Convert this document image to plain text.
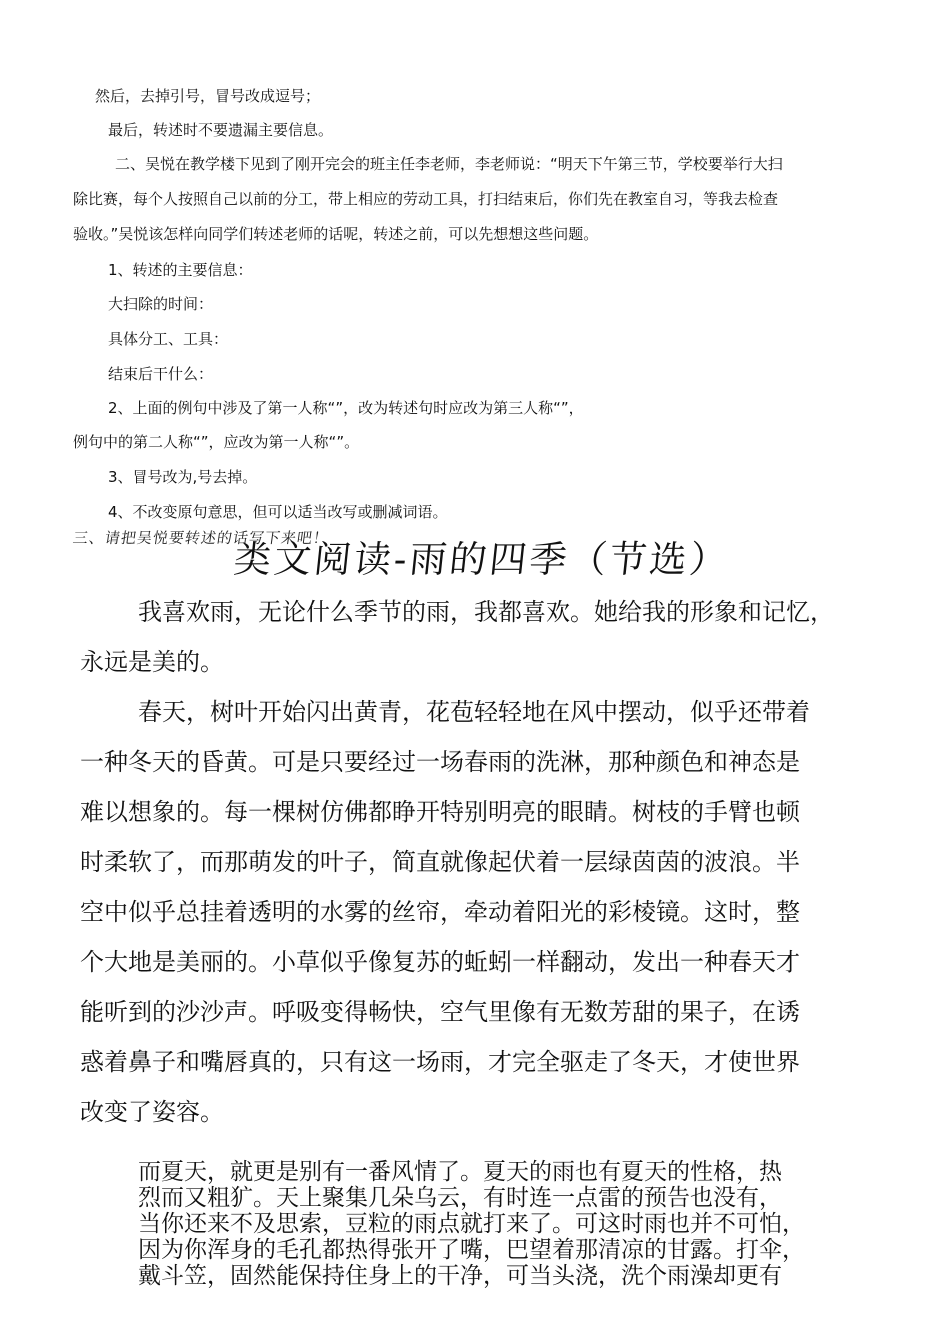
然后，去掉引号，冒号改成逗号；

最后，转述时不要遗漏主要信息。

二、吴悦在教学楼下见到了刚开完会的班主任李老师，李老师说：“明天下午第三节，学校要举行大扫

除比赛，每个人按照自己以前的分工，带上相应的劳动工具，打扫结束后，你们先在教室自习，等我去检查

验收。”吴悦该怎样向同学们转述老师的话呢，转述之前，可以先想想这些问题。

1、转述的主要信息：

大扫除的时间：

具体分工、工具：

结束后干什么：

2、上面的例句中涉及了第一人称“”，改为转述句时应改为第三人称“”，

例句中的第二人称“”，应改为第一人称“”。

3、冒号改为,号去掉。

4、不改变原句意思，但可以适当改写或删减词语。

三、请把吴悦要转述的话写下来吧！

类文阅读-雨的四季（节选）

我喜欢雨，无论什么季节的雨，我都喜欢。她给我的形象和记忆，

永远是美的。

春天，树叶开始闪出黄青，花苞轻轻地在风中摆动，似乎还带着

一种冬天的昏黄。可是只要经过一场春雨的洗淋，那种颜色和神态是

难以想象的。每一棵树仿佛都睁开特别明亮的眼睛。树枝的手臂也顿

时柔软了，而那萌发的叶子，简直就像起伏着一层绿茵茵的波浪。半

空中似乎总挂着透明的水雾的丝帘，牵动着阳光的彩棱镜。这时，整

个大地是美丽的。小草似乎像复苏的蚯蚓一样翻动，发出一种春天才

能听到的沙沙声。呼吸变得畅快，空气里像有无数芳甜的果子，在诱

惑着鼻子和嘴唇真的，只有这一场雨，才完全驱走了冬天，才使世界

改变了姿容。

而夏天，就更是别有一番风情了。夏天的雨也有夏天的性格，热

烈而又粗犷。天上聚集几朵乌云，有时连一点雷的预告也没有，

当你还来不及思索，豆粒的雨点就打来了。可这时雨也并不可怕，

因为你浑身的毛孔都热得张开了嘴，巴望着那清凉的甘露。打伞，

戴斗笠，固然能保持住身上的干净，可当头浇，洗个雨澡却更有
